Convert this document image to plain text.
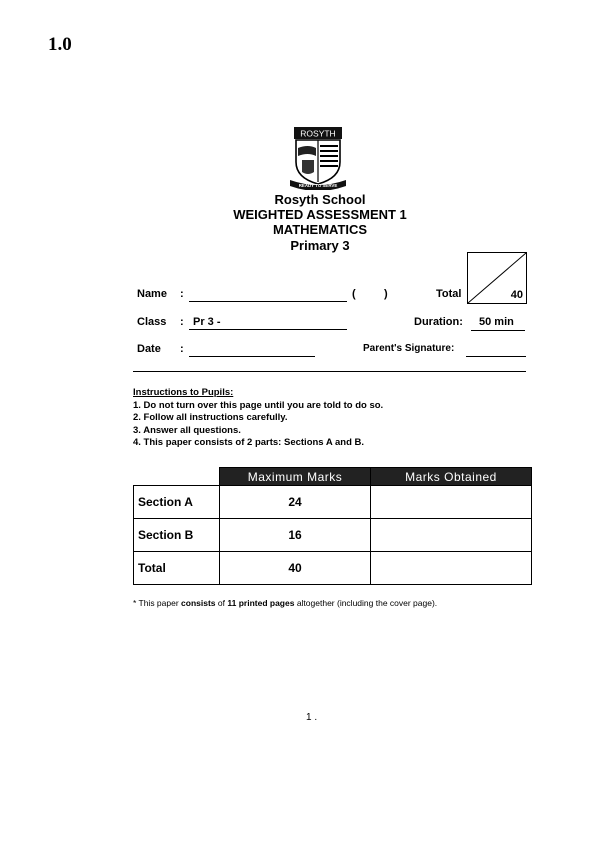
1.0
ROSYTH
READY TO SERVE
Rosyth School
WEIGHTED ASSESSMENT 1
MATHEMATICS
Primary 3
Name :	(	)	Total	40
Class : Pr 3 -	Duration: 50 min
Date :	Parent's Signature:
Instructions to Pupils:
1. Do not turn over this page until you are told to do so.
2. Follow all instructions carefully.
3. Answer all questions.
4. This paper consists of 2 parts: Sections A and B.
	Maximum Marks	Marks Obtained
Section A	24	
Section B	16	
Total	40	
* This paper consists of 11 printed pages altogether (including the cover page).
1 .
